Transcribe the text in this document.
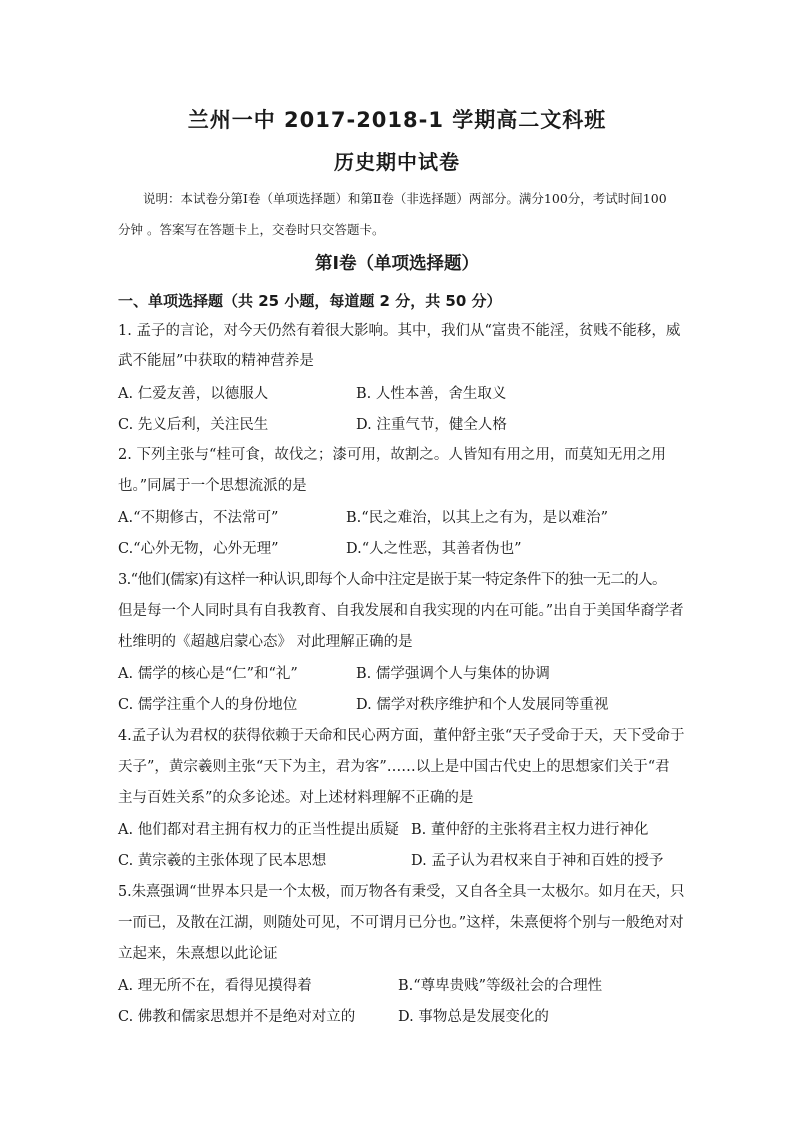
兰州一中 2017-2018-1 学期高二文科班
历史期中试卷
说明：本试卷分第Ⅰ卷（单项选择题）和第Ⅱ卷（非选择题）两部分。满分100分，考试时间100分钟 。答案写在答题卡上，交卷时只交答题卡。
第Ⅰ卷（单项选择题）
一、单项选择题（共 25 小题，每道题 2 分，共 50 分）
1. 孟子的言论，对今天仍然有着很大影响。其中，我们从“富贵不能淫，贫贱不能移，威
武不能屈”中获取的精神营养是
A. 仁爱友善，以德服人	B. 人性本善，舍生取义
C. 先义后利，关注民生	D. 注重气节，健全人格
2. 下列主张与“桂可食，故伐之；漆可用，故割之。人皆知有用之用，而莫知无用之用
也。”同属于一个思想流派的是
A.“不期修古，不法常可”	B.“民之难治，以其上之有为，是以难治”
C.“心外无物，心外无理”	D.“人之性恶，其善者伪也”
3.“他们(儒家)有这样一种认识,即每个人命中注定是嵌于某一特定条件下的独一无二的人。
但是每一个人同时具有自我教育、自我发展和自我实现的内在可能。”出自于美国华裔学者
杜维明的《超越启蒙心态》 对此理解正确的是
A. 儒学的核心是“仁”和“礼”	B. 儒学强调个人与集体的协调
C. 儒学注重个人的身份地位	D. 儒学对秩序维护和个人发展同等重视
4.孟子认为君权的获得依赖于天命和民心两方面，董仲舒主张“天子受命于天，天下受命于
天子”，黄宗羲则主张“天下为主，君为客”……以上是中国古代史上的思想家们关于“君
主与百姓关系”的众多论述。对上述材料理解不正确的是
A. 他们都对君主拥有权力的正当性提出质疑 B. 董仲舒的主张将君主权力进行神化
C. 黄宗羲的主张体现了民本思想	D. 孟子认为君权来自于神和百姓的授予
5.朱熹强调“世界本只是一个太极，而万物各有秉受，又自各全具一太极尔。如月在天，只
一而已，及散在江湖，则随处可见，不可谓月已分也。”这样，朱熹便将个别与一般绝对对
立起来，朱熹想以此论证
A. 理无所不在，看得见摸得着	B.“尊卑贵贱”等级社会的合理性
C. 佛教和儒家思想并不是绝对对立的	D. 事物总是发展变化的
